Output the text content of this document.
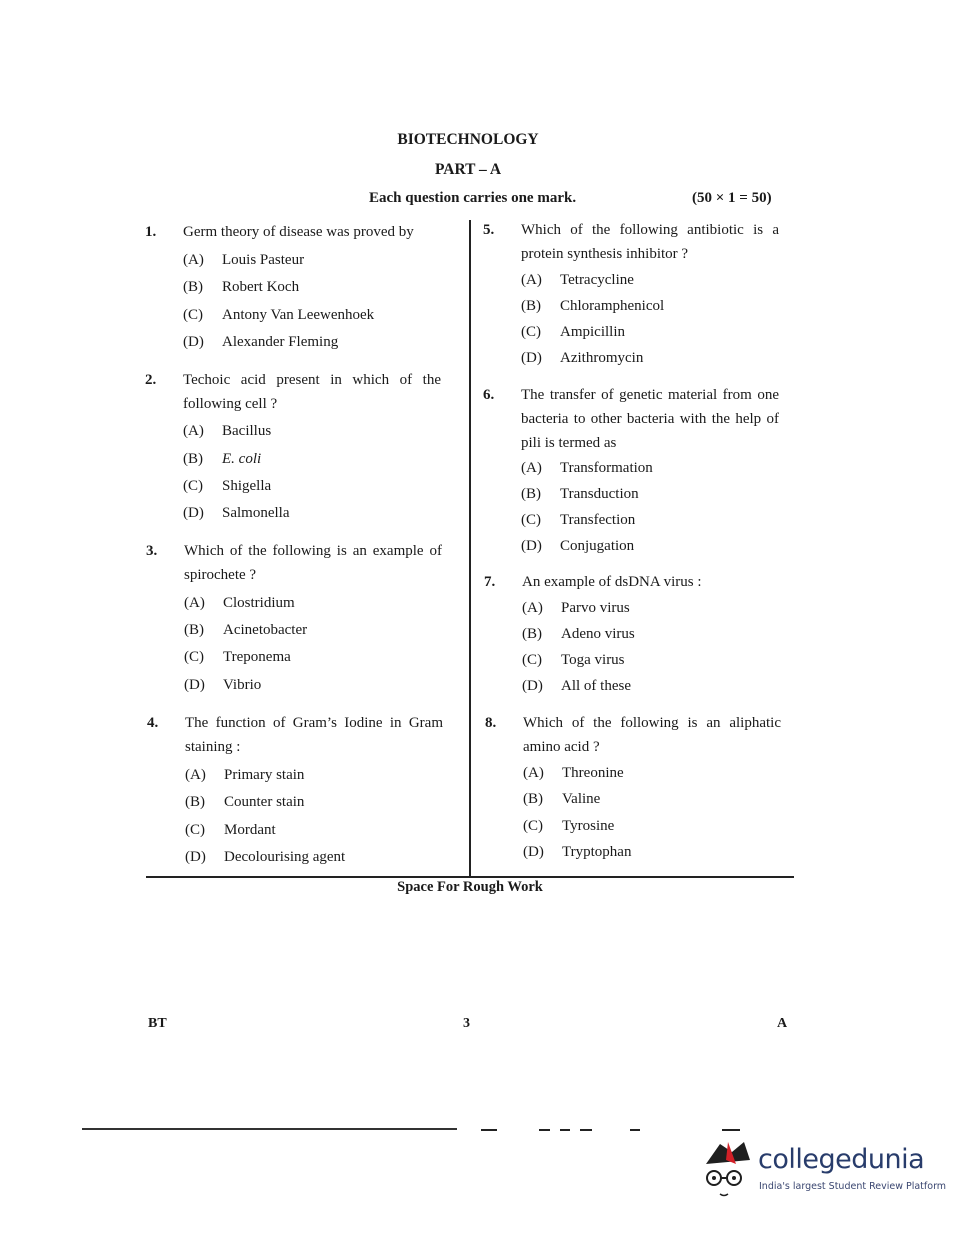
BIOTECHNOLOGY
PART – A
Each question carries one mark.	(50 × 1 = 50)
1. Germ theory of disease was proved by
(A) Louis Pasteur
(B) Robert Koch
(C) Antony Van Leewenhoek
(D) Alexander Fleming
2. Techoic acid present in which of the following cell ?
(A) Bacillus
(B) E. coli
(C) Shigella
(D) Salmonella
3. Which of the following is an example of spirochete ?
(A) Clostridium
(B) Acinetobacter
(C) Treponema
(D) Vibrio
4. The function of Gram’s Iodine in Gram staining :
(A) Primary stain
(B) Counter stain
(C) Mordant
(D) Decolourising agent
5. Which of the following antibiotic is a protein synthesis inhibitor ?
(A) Tetracycline
(B) Chloramphenicol
(C) Ampicillin
(D) Azithromycin
6. The transfer of genetic material from one bacteria to other bacteria with the help of pili is termed as
(A) Transformation
(B) Transduction
(C) Transfection
(D) Conjugation
7. An example of dsDNA virus :
(A) Parvo virus
(B) Adeno virus
(C) Toga virus
(D) All of these
8. Which of the following is an aliphatic amino acid ?
(A) Threonine
(B) Valine
(C) Tyrosine
(D) Tryptophan
Space For Rough Work
BT	3	A
collegedunia
India's largest Student Review Platform
